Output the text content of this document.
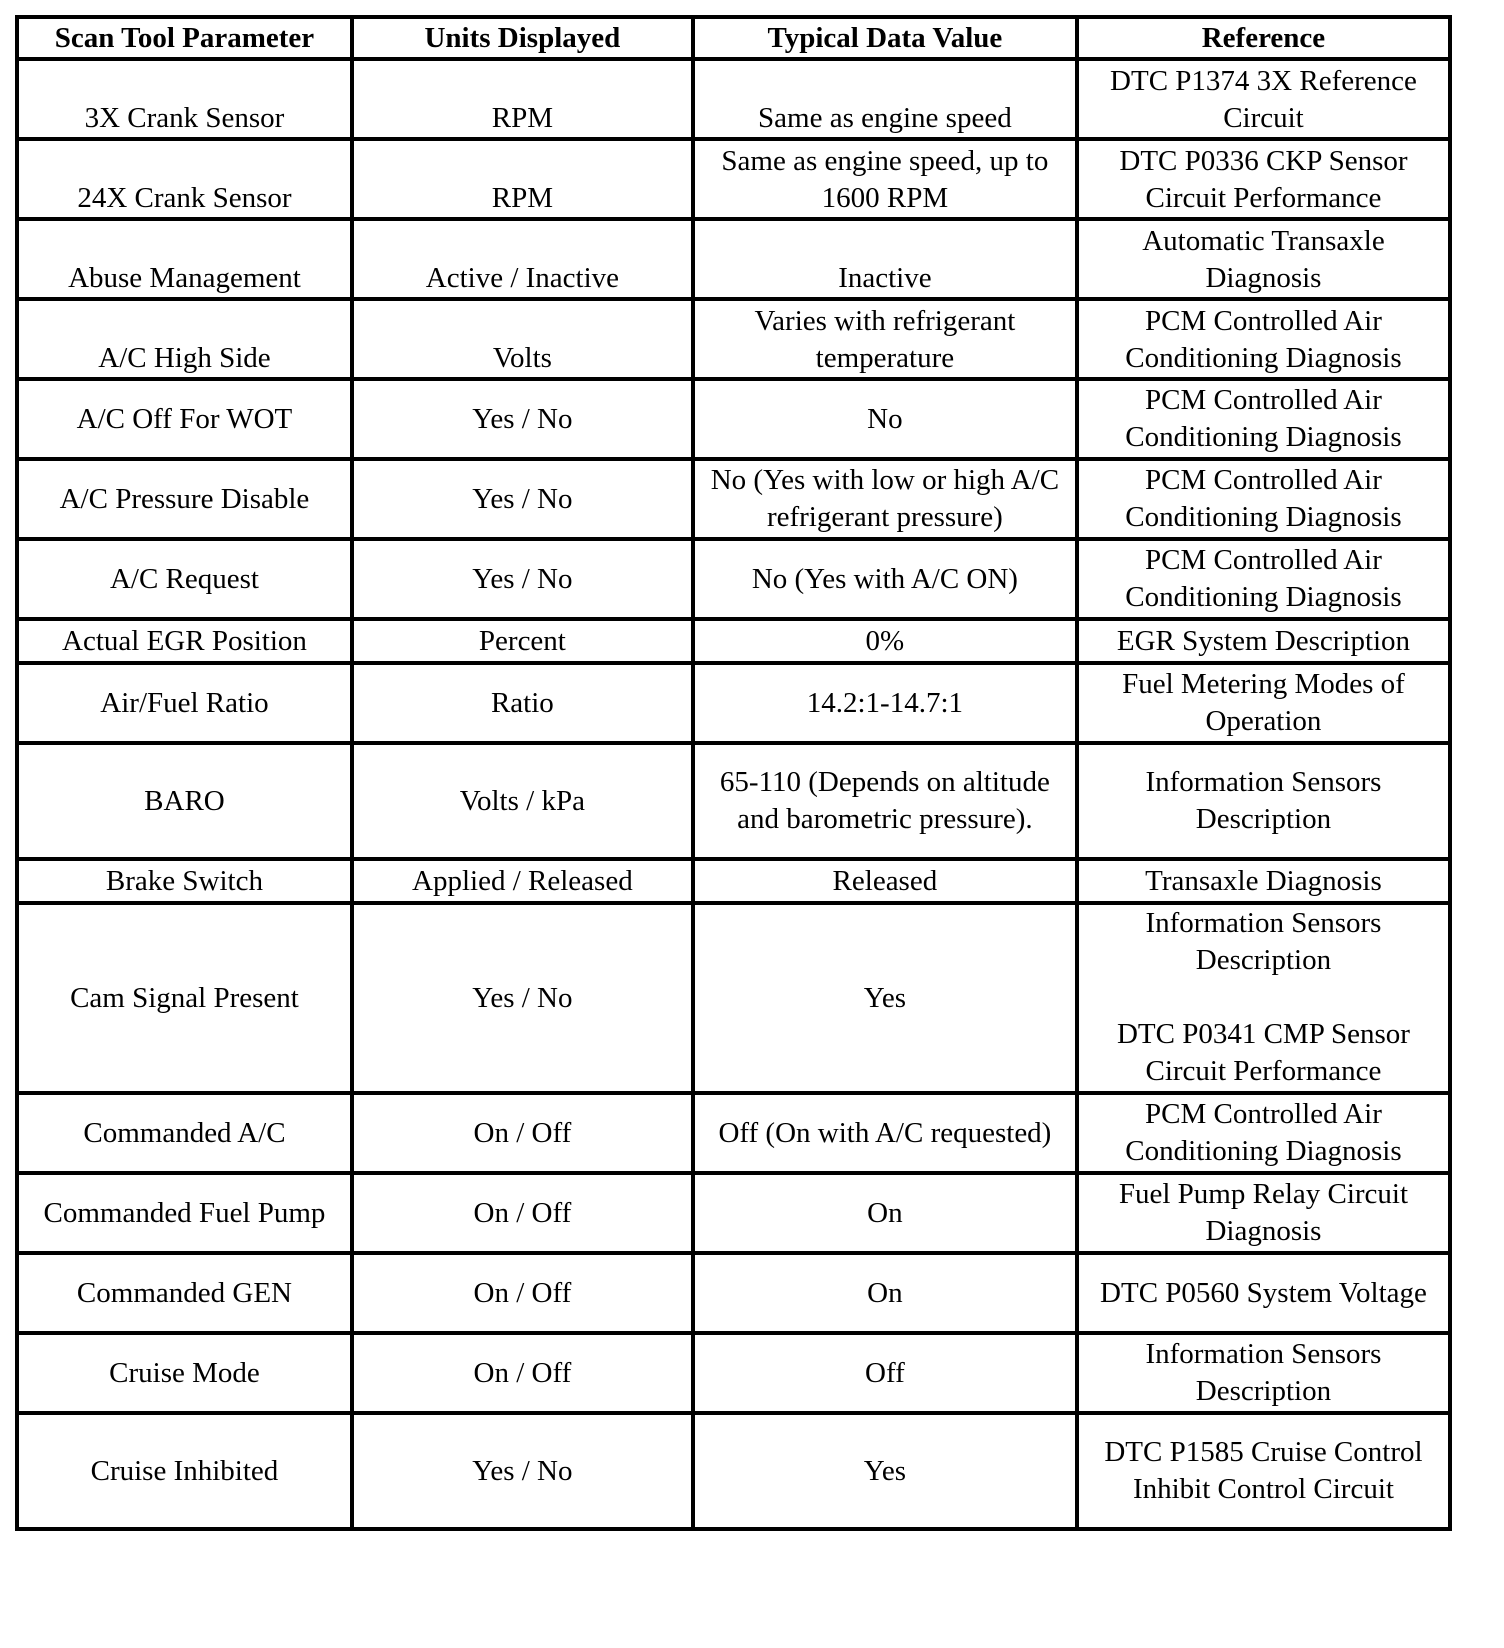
Scan Tool Parameter	Units Displayed	Typical Data Value	Reference

3X Crank Sensor	RPM	Same as engine speed	DTC P1374 3X Reference Circuit

24X Crank Sensor	RPM	Same as engine speed, up to 1600 RPM	DTC P0336 CKP Sensor Circuit Performance

Abuse Management	Active / Inactive	Inactive	Automatic Transaxle Diagnosis

A/C High Side	Volts	Varies with refrigerant temperature	PCM Controlled Air Conditioning Diagnosis

A/C Off For WOT	Yes / No	No	PCM Controlled Air Conditioning Diagnosis

A/C Pressure Disable	Yes / No	No (Yes with low or high A/C refrigerant pressure)	PCM Controlled Air Conditioning Diagnosis

A/C Request	Yes / No	No (Yes with A/C ON)	PCM Controlled Air Conditioning Diagnosis

Actual EGR Position	Percent	0%	EGR System Description

Air/Fuel Ratio	Ratio	14.2:1-14.7:1	Fuel Metering Modes of Operation

BARO	Volts / kPa	65-110 (Depends on altitude and barometric pressure).	Information Sensors Description

Brake Switch	Applied / Released	Released	Transaxle Diagnosis

Cam Signal Present	Yes / No	Yes	Information Sensors Description

DTC P0341 CMP Sensor Circuit Performance

Commanded A/C	On / Off	Off (On with A/C requested)	PCM Controlled Air Conditioning Diagnosis

Commanded Fuel Pump	On / Off	On	Fuel Pump Relay Circuit Diagnosis

Commanded GEN	On / Off	On	DTC P0560 System Voltage

Cruise Mode	On / Off	Off	Information Sensors Description

Cruise Inhibited	Yes / No	Yes	DTC P1585 Cruise Control Inhibit Control Circuit
